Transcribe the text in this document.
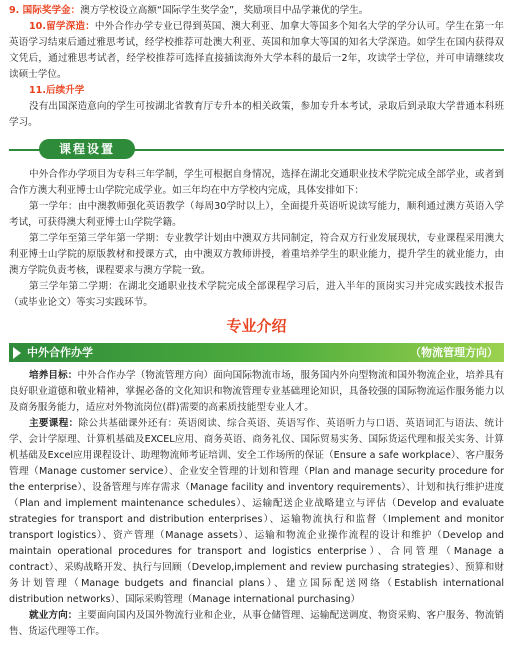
9. 国际奖学金：澳方学校设立高额“国际学生奖学金”，奖励项目中品学兼优的学生。

10.留学深造：中外合作办学专业已得到英国、澳大利亚、加拿大等国多个知名大学的学分认可。学生在第一年英语学习结束后通过雅思考试，经学校推荐可赴澳大利亚、英国和加拿大等国的知名大学深造。如学生在国内获得双文凭后，通过雅思考试者，经学校推荐可选择直接插读海外大学本科的最后一2年，攻读学士学位，并可申请继续攻读硕士学位。

11.后续升学

没有出国深造意向的学生可按湖北省教育厅专升本的相关政策，参加专升本考试，录取后到录取大学普通本科班学习。

课程设置

中外合作办学项目为专科三年学制，学生可根据自身情况，选择在湖北交通职业技术学院完成全部学业，或者到合作方澳大利亚博士山学院完成学业。如三年均在中方学校内完成，具体安排如下：

第一学年：由中澳教师强化英语教学（每周30学时以上），全面提升英语听说读写能力，顺利通过澳方英语入学考试，可获得澳大利亚博士山学院学籍。

第二学年至第三学年第一学期：专业教学计划由中澳双方共同制定，符合双方行业发展现状，专业课程采用澳大利亚博士山学院的原版教材和授课方式，由中澳双方教师讲授，着重培养学生的职业能力，提升学生的就业能力，由澳方学院负责考核，课程要求与澳方学院一致。

第三学年第二学期：在湖北交通职业技术学院完成全部课程学习后，进入半年的顶岗实习并完成实践技术报告（或毕业论文）等实习实践环节。

专业介绍
中外合作办学	（物流管理方向）

培养目标：中外合作办学（物流管理方向）面向国际物流市场，服务国内外向型物流和国外物流企业，培养具有良好职业道德和敬业精神，掌握必备的文化知识和物流管理专业基础理论知识，具备较强的国际物流运作服务能力以及商务服务能力，适应对外物流岗位(群)需要的高素质技能型专业人才。

主要课程：除公共基础课外还有：英语阅读、综合英语、英语写作、英语听力与口语、英语词汇与语法、统计学、会计学原理、计算机基础及EXCEL应用、商务英语、商务礼仪、国际贸易实务、国际货运代理和报关实务、计算机基础及Excel应用课程设计、助理物流师考证培训、安全工作场所的保证（Ensure a safe workplace）、客户服务管理（Manage customer service）、企业安全管理的计划和管理（Plan and manage security procedure for the enterprise）、设备管理与库存需求（Manage facility and inventory requirements）、计划和执行维护进度（Plan and implement maintenance schedules）、运输配送企业战略建立与评估（Develop and evaluate strategies for transport and distribution enterprises）、运输物流执行和监督（Implement and monitor transport logistics）、资产管理（Manage assets）、运输和物流企业操作流程的设计和维护（Develop and maintain operational procedures for transport and logistics enterprise）、合同管理（Manage a contract）、采购战略开发、执行与回顾（Develop,implement and review purchasing strategies）、预算和财务计划管理（Manage budgets and financial plans）、建立国际配送网络（Establish international distribution networks）、国际采购管理（Manage international purchasing）

就业方向：主要面向国内及国外物流行业和企业，从事仓储管理、运输配送调度、物资采购、客户服务、物流销售、货运代理等工作。
